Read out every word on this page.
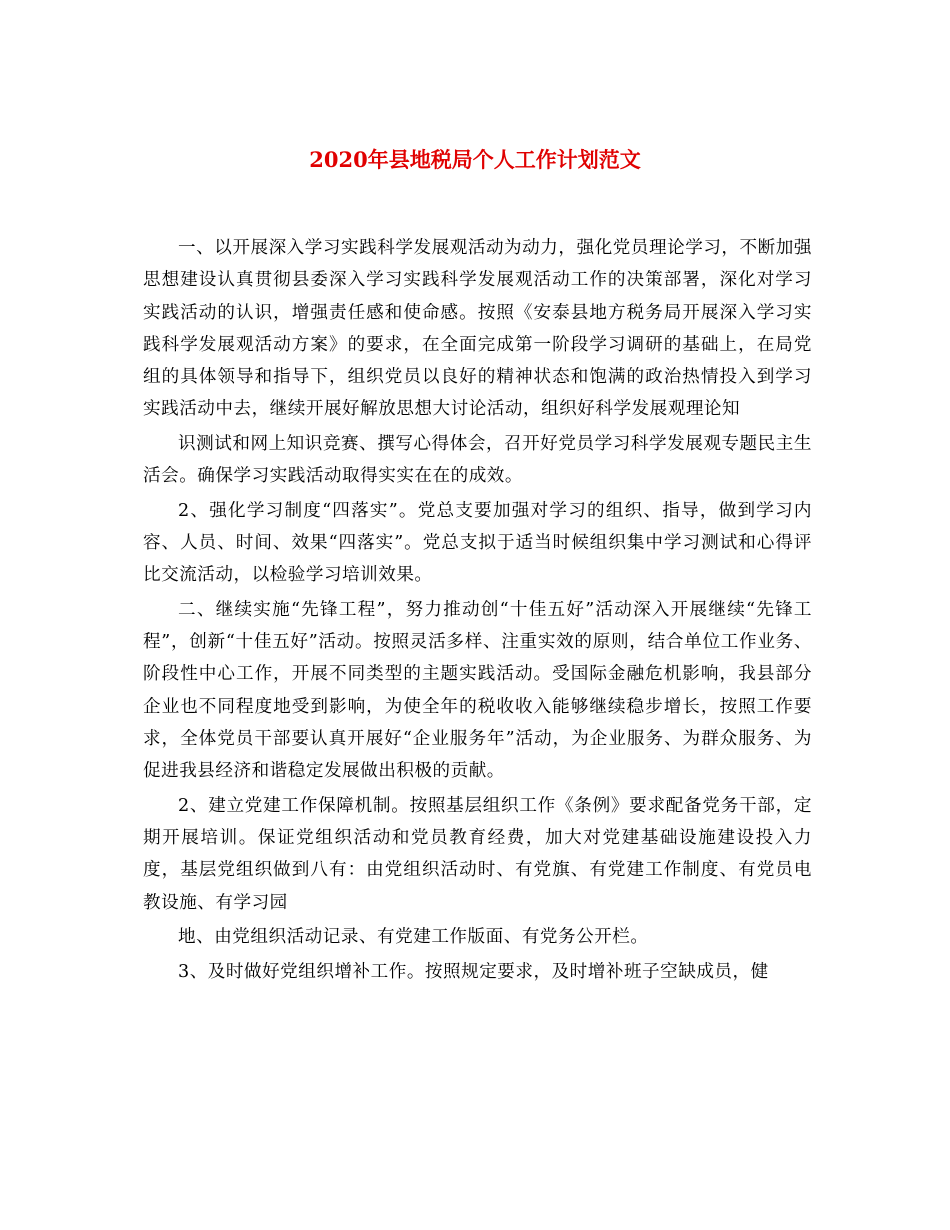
2020年县地税局个人工作计划范文

一、以开展深入学习实践科学发展观活动为动力，强化党员理论学习，不断加强思想建设认真贯彻县委深入学习实践科学发展观活动工作的决策部署，深化对学习实践活动的认识，增强责任感和使命感。按照《安泰县地方税务局开展深入学习实践科学发展观活动方案》的要求，在全面完成第一阶段学习调研的基础上，在局党组的具体领导和指导下，组织党员以良好的精神状态和饱满的政治热情投入到学习实践活动中去，继续开展好解放思想大讨论活动，组织好科学发展观理论知

识测试和网上知识竞赛、撰写心得体会，召开好党员学习科学发展观专题民主生活会。确保学习实践活动取得实实在在的成效。

2、强化学习制度“四落实”。党总支要加强对学习的组织、指导，做到学习内容、人员、时间、效果“四落实”。党总支拟于适当时候组织集中学习测试和心得评比交流活动，以检验学习培训效果。

二、继续实施“先锋工程”，努力推动创“十佳五好”活动深入开展继续“先锋工程”，创新“十佳五好”活动。按照灵活多样、注重实效的原则，结合单位工作业务、阶段性中心工作，开展不同类型的主题实践活动。受国际金融危机影响，我县部分企业也不同程度地受到影响，为使全年的税收收入能够继续稳步增长，按照工作要求，全体党员干部要认真开展好“企业服务年”活动，为企业服务、为群众服务、为促进我县经济和谐稳定发展做出积极的贡献。

2、建立党建工作保障机制。按照基层组织工作《条例》要求配备党务干部，定期开展培训。保证党组织活动和党员教育经费，加大对党建基础设施建设投入力度，基层党组织做到八有：由党组织活动时、有党旗、有党建工作制度、有党员电教设施、有学习园

地、由党组织活动记录、有党建工作版面、有党务公开栏。

3、及时做好党组织增补工作。按照规定要求，及时增补班子空缺成员，健
